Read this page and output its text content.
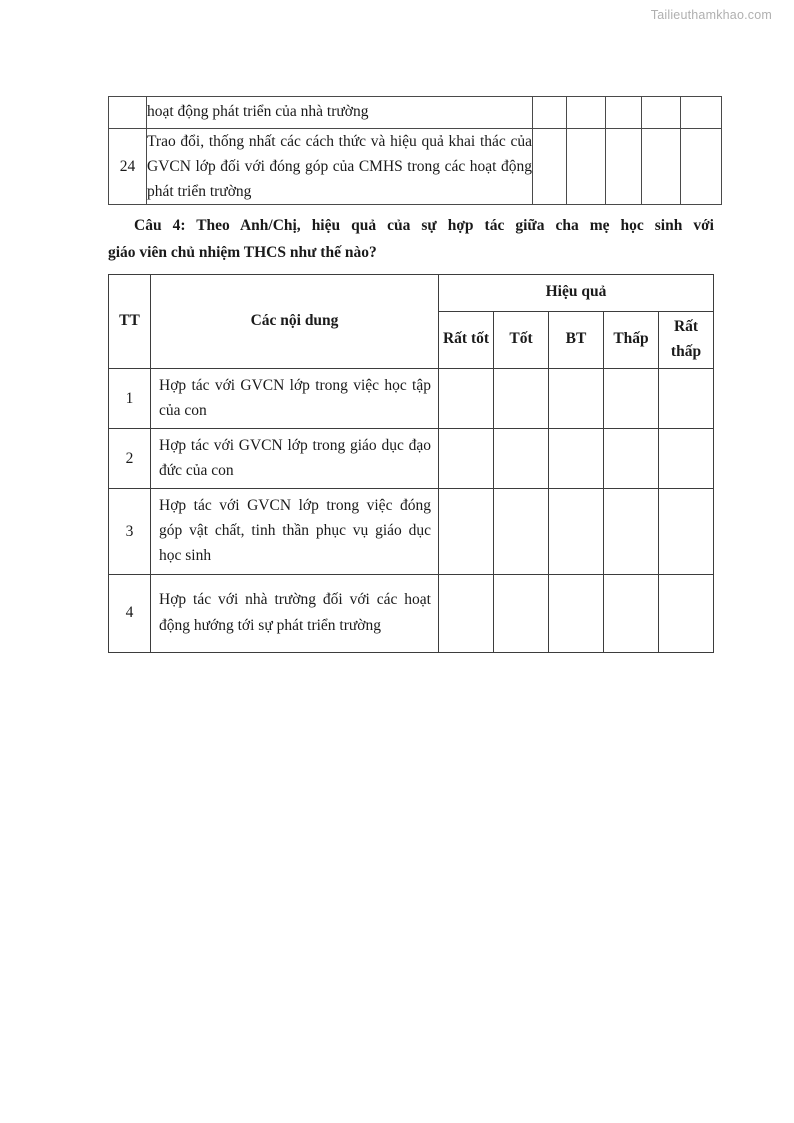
Tailieuthamkhao.com
	hoạt động phát triển của nhà trường					
24	Trao đổi, thống nhất các cách thức và hiệu quả khai thác của GVCN lớp đối với đóng góp của CMHS trong các hoạt động phát triển trường					
Câu 4: Theo Anh/Chị, hiệu quả của sự hợp tác giữa cha mẹ học sinh với
giáo viên chủ nhiệm THCS như thế nào?
TT	Các nội dung	Hiệu quả				
		Rất tốt	Tốt	BT	Thấp	Rất thấp
1	Hợp tác với GVCN lớp trong việc học tập của con					
2	Hợp tác với GVCN lớp trong giáo dục đạo đức của con					
3	Hợp tác với GVCN lớp trong việc đóng góp vật chất, tinh thần phục vụ giáo dục học sinh					
4	Hợp tác với nhà trường đối với các hoạt động hướng tới sự phát triển trường					
